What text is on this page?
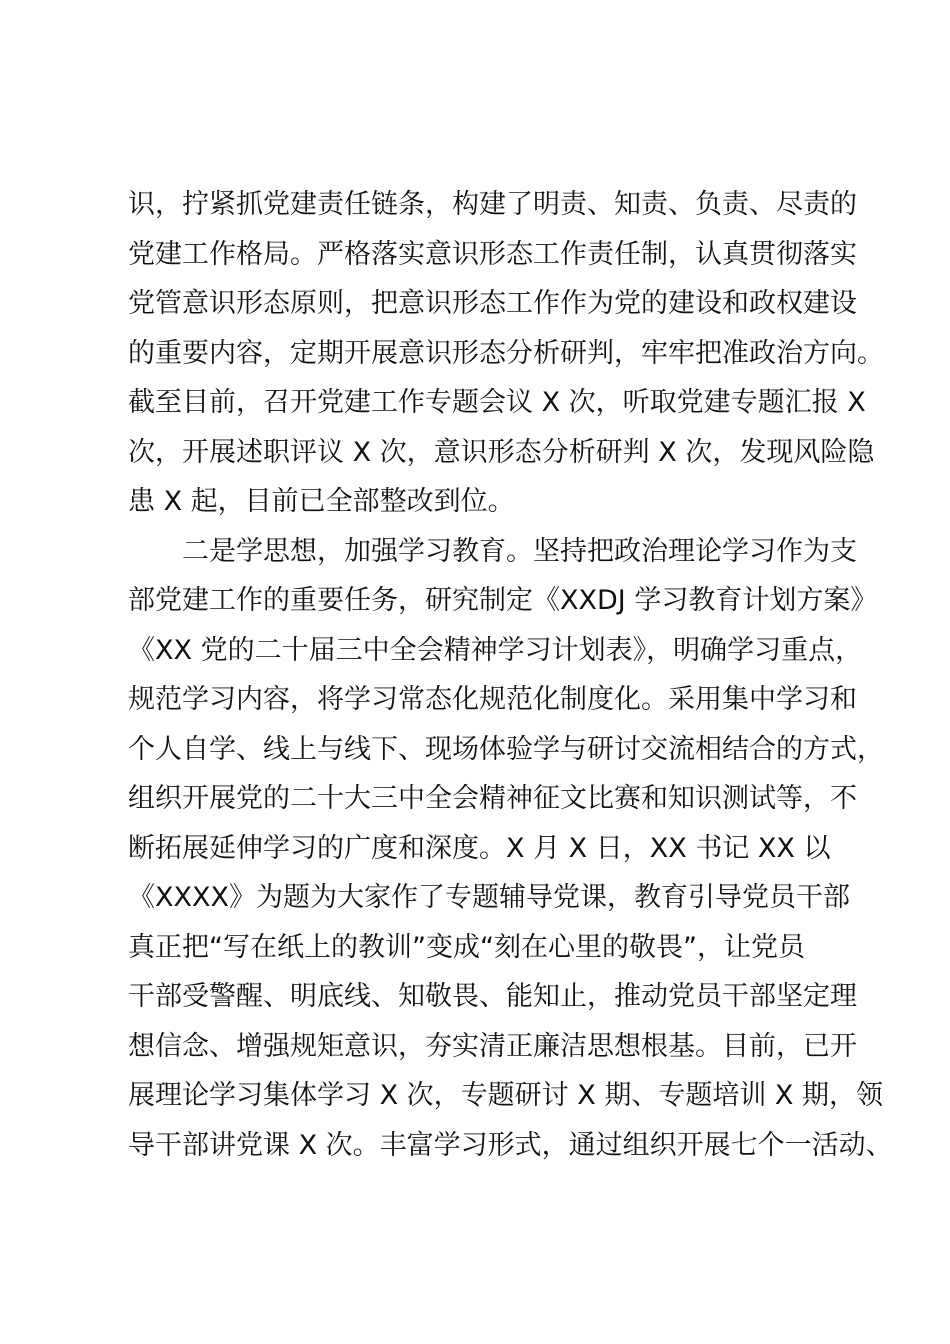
识，拧紧抓党建责任链条，构建了明责、知责、负责、尽责的
党建工作格局。严格落实意识形态工作责任制，认真贯彻落实
党管意识形态原则，把意识形态工作作为党的建设和政权建设
的重要内容，定期开展意识形态分析研判，牢牢把准政治方向。
截至目前，召开党建工作专题会议 X 次，听取党建专题汇报 X
次，开展述职评议 X 次，意识形态分析研判 X 次，发现风险隐
患 X 起，目前已全部整改到位。
二是学思想，加强学习教育。坚持把政治理论学习作为支
部党建工作的重要任务，研究制定《XXDJ 学习教育计划方案》
《XX 党的二十届三中全会精神学习计划表》，明确学习重点，
规范学习内容，将学习常态化规范化制度化。采用集中学习和
个人自学、线上与线下、现场体验学与研讨交流相结合的方式，
组织开展党的二十大三中全会精神征文比赛和知识测试等，不
断拓展延伸学习的广度和深度。X 月 X 日，XX 书记 XX 以
《XXXX》为题为大家作了专题辅导党课，教育引导党员干部
真正把“写在纸上的教训”变成“刻在心里的敬畏”，让党员
干部受警醒、明底线、知敬畏、能知止，推动党员干部坚定理
想信念、增强规矩意识，夯实清正廉洁思想根基。目前，已开
展理论学习集体学习 X 次，专题研讨 X 期、专题培训 X 期，领
导干部讲党课 X 次。丰富学习形式，通过组织开展七个一活动、
